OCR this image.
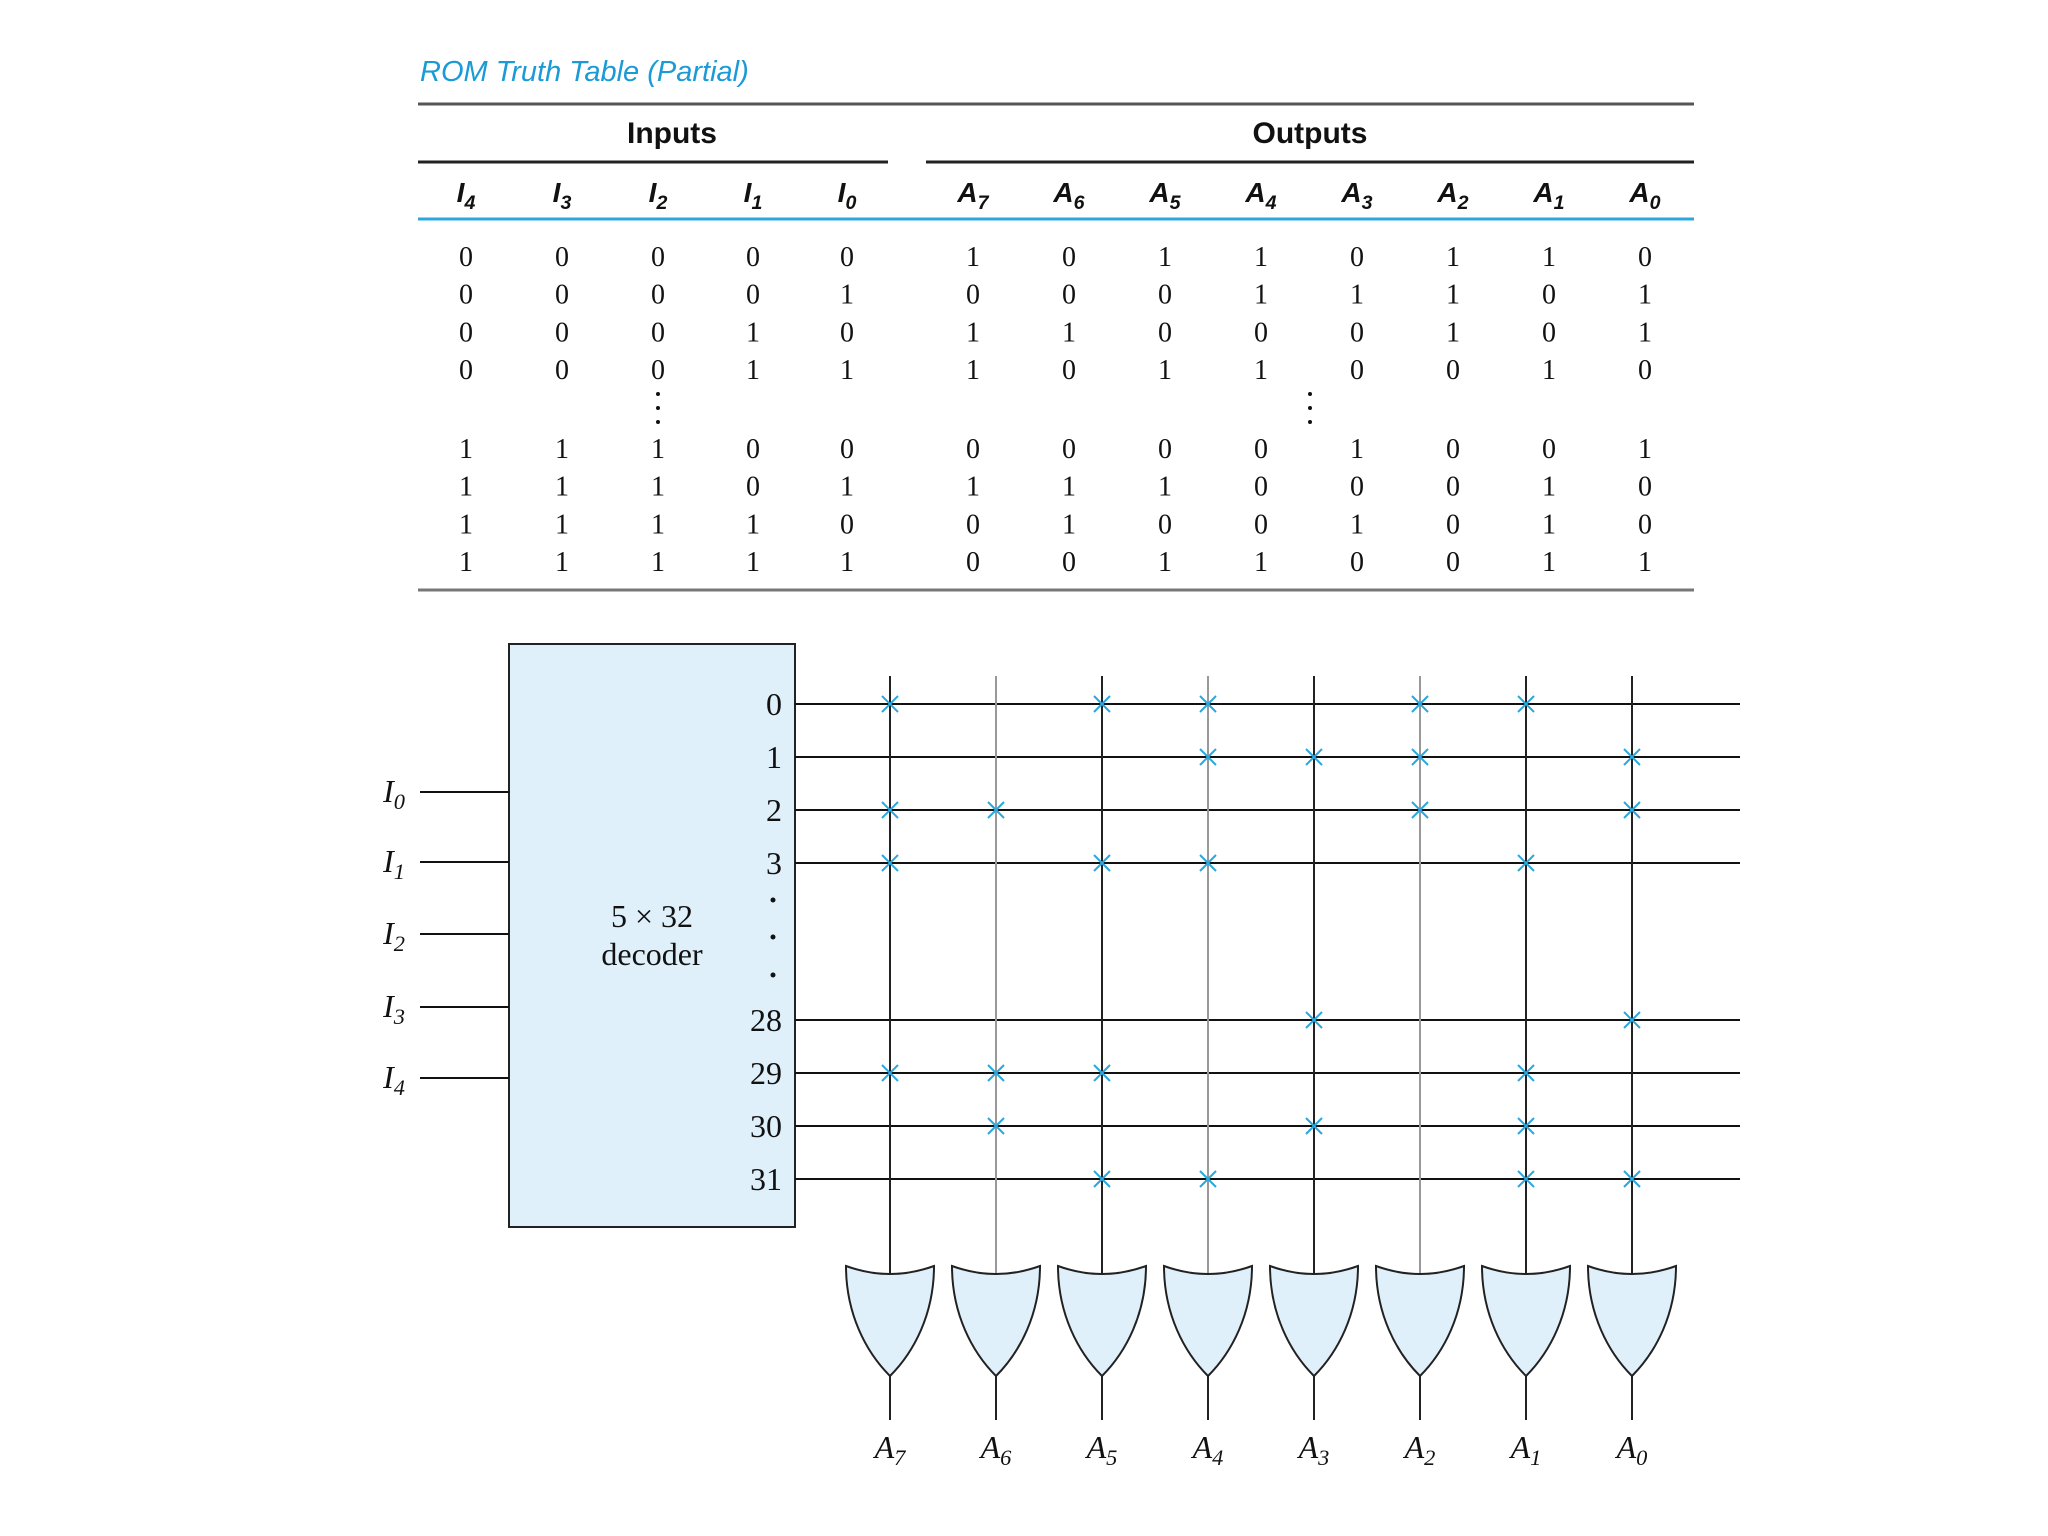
ROM Truth Table (Partial)
Inputs	Outputs
$I_4$	$I_3$	$I_2$	$I_1$	$I_0$	$A_7$ $A_6$ $A_5$ $A_4$ $A_3$ $A_2$ $A_1$ $A_0$
0	0	0	0	0	1	0	1	1	0	1	1	0
0	0	0	0	1	0	0	0	1	1	1	0	1
0	0	0	1	0	1	1	0	0	0	1	0	1
0	0	0	1	1	1	0	1	1	0	0	1	0
1	1	1	0	0	0	0	0	0	1	0	0	1
1	1	1	0	1	1	1	1	0	0	0	1	0
1	1	1	1	0	0	1	0	0	1	0	1	0
1	1	1	1	1	0	0	1	1	0	0	1	1
5 × 32
decoder
$I_0$
$I_1$
$I_2$
$I_3$
$I_4$
0
1
2
3
28
29
30
31
$A_7$ $A_6$ $A_5$ $A_4$ $A_3$ $A_2$ $A_1$ $A_0$
